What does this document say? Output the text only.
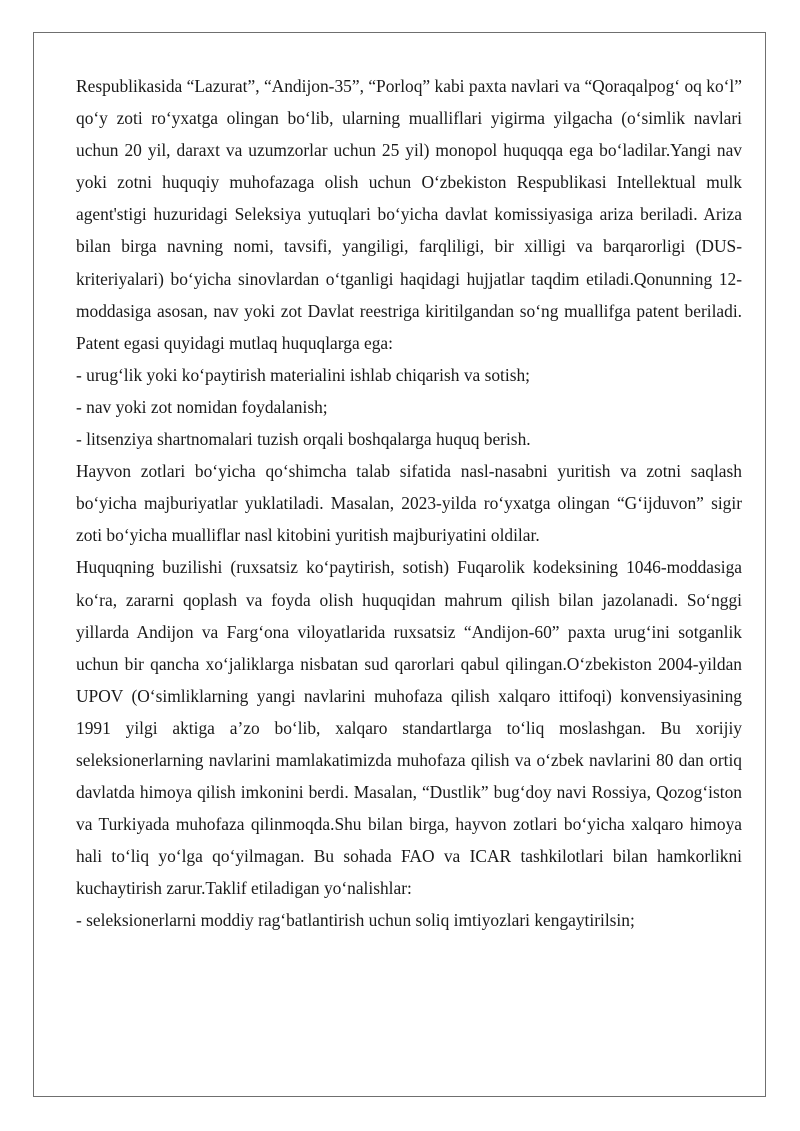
Respublikasida “Lazurat”, “Andijon-35”, “Porloq” kabi paxta navlari va “Qoraqalpog‘ oq ko‘l” qo‘y zoti ro‘yxatga olingan bo‘lib, ularning mualliflari yigirma yilgacha (o‘simlik navlari uchun 20 yil, daraxt va uzumzorlar uchun 25 yil) monopol huquqqa ega bo‘ladilar.Yangi nav yoki zotni huquqiy muhofazaga olish uchun O‘zbekiston Respublikasi Intellektual mulk agent'stigi huzuridagi Seleksiya yutuqlari bo‘yicha davlat komissiyasiga ariza beriladi. Ariza bilan birga navning nomi, tavsifi, yangiligi, farqliligi, bir xilligi va barqarorligi (DUS-kriteriyalari) bo‘yicha sinovlardan o‘tganligi haqidagi hujjatlar taqdim etiladi.Qonunning 12-moddasiga asosan, nav yoki zot Davlat reestriga kiritilgandan so‘ng muallifga patent beriladi. Patent egasi quyidagi mutlaq huquqlarga ega:

- urug‘lik yoki ko‘paytirish materialini ishlab chiqarish va sotish;

- nav yoki zot nomidan foydalanish;

- litsenziya shartnomalari tuzish orqali boshqalarga huquq berish.

Hayvon zotlari bo‘yicha qo‘shimcha talab sifatida nasl-nasabni yuritish va zotni saqlash bo‘yicha majburiyatlar yuklatiladi. Masalan, 2023-yilda ro‘yxatga olingan “G‘ijduvon” sigir zoti bo‘yicha mualliflar nasl kitobini yuritish majburiyatini oldilar.

Huquqning buzilishi (ruxsatsiz ko‘paytirish, sotish) Fuqarolik kodeksining 1046-moddasiga ko‘ra, zararni qoplash va foyda olish huquqidan mahrum qilish bilan jazolanadi. So‘nggi yillarda Andijon va Farg‘ona viloyatlarida ruxsatsiz “Andijon-60” paxta urug‘ini sotganlik uchun bir qancha xo‘jaliklarga nisbatan sud qarorlari qabul qilingan.O‘zbekiston 2004-yildan UPOV (O‘simliklarning yangi navlarini muhofaza qilish xalqaro ittifoqi) konvensiyasining 1991 yilgi aktiga a’zo bo‘lib, xalqaro standartlarga to‘liq moslashgan. Bu xorijiy seleksionerlarning navlarini mamlakatimizda muhofaza qilish va o‘zbek navlarini 80 dan ortiq davlatda himoya qilish imkonini berdi. Masalan, “Dustlik” bug‘doy navi Rossiya, Qozog‘iston va Turkiyada muhofaza qilinmoqda.Shu bilan birga, hayvon zotlari bo‘yicha xalqaro himoya hali to‘liq yo‘lga qo‘yilmagan. Bu sohada FAO va ICAR tashkilotlari bilan hamkorlikni kuchaytirish zarur.Taklif etiladigan yo‘nalishlar:

- seleksionerlarni moddiy rag‘batlantirish uchun soliq imtiyozlari kengaytirilsin;
